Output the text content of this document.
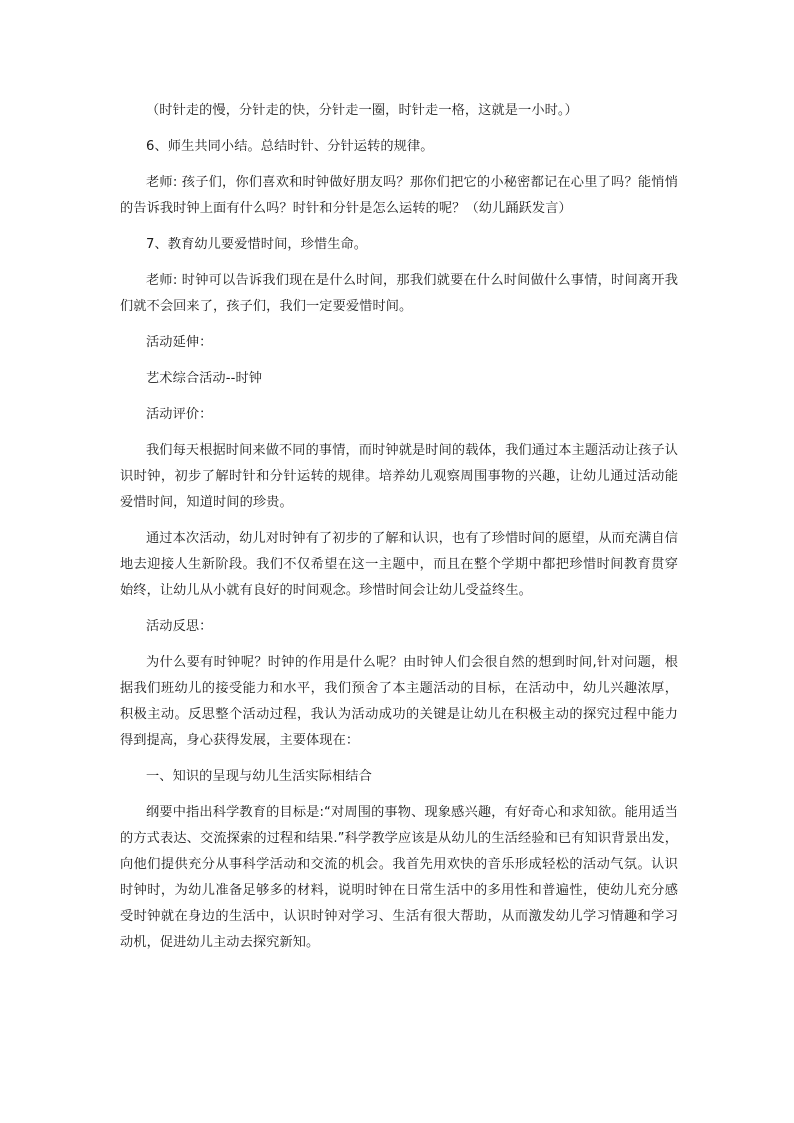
（时针走的慢，分针走的快，分针走一圈，时针走一格，这就是一小时。）

6、师生共同小结。总结时针、分针运转的规律。

老师: 孩子们，你们喜欢和时钟做好朋友吗？那你们把它的小秘密都记在心里了吗？能悄悄的告诉我时钟上面有什么吗？时针和分针是怎么运转的呢？（幼儿踊跃发言）

7、教育幼儿要爱惜时间，珍惜生命。

老师: 时钟可以告诉我们现在是什么时间，那我们就要在什么时间做什么事情，时间离开我们就不会回来了，孩子们，我们一定要爱惜时间。

活动延伸：

艺术综合活动--时钟

活动评价：

我们每天根据时间来做不同的事情，而时钟就是时间的载体，我们通过本主题活动让孩子认识时钟，初步了解时针和分针运转的规律。培养幼儿观察周围事物的兴趣，让幼儿通过活动能爱惜时间，知道时间的珍贵。

通过本次活动，幼儿对时钟有了初步的了解和认识，也有了珍惜时间的愿望，从而充满自信地去迎接人生新阶段。我们不仅希望在这一主题中，而且在整个学期中都把珍惜时间教育贯穿始终，让幼儿从小就有良好的时间观念。珍惜时间会让幼儿受益终生。

活动反思：

为什么要有时钟呢？时钟的作用是什么呢？由时钟人们会很自然的想到时间,针对问题，根据我们班幼儿的接受能力和水平，我们预舍了本主题活动的目标，在活动中，幼儿兴趣浓厚，积极主动。反思整个活动过程，我认为活动成功的关键是让幼儿在积极主动的探究过程中能力得到提高，身心获得发展，主要体现在：

一、知识的呈现与幼儿生活实际相结合

纲要中指出科学教育的目标是:“对周围的事物、现象感兴趣，有好奇心和求知欲。能用适当的方式表达、交流探索的过程和结果.”科学教学应该是从幼儿的生活经验和已有知识背景出发，向他们提供充分从事科学活动和交流的机会。我首先用欢快的音乐形成轻松的活动气氛。认识时钟时，为幼儿准备足够多的材料，说明时钟在日常生活中的多用性和普遍性，使幼儿充分感受时钟就在身边的生活中，认识时钟对学习、生活有很大帮助，从而激发幼儿学习情趣和学习动机，促进幼儿主动去探究新知。
